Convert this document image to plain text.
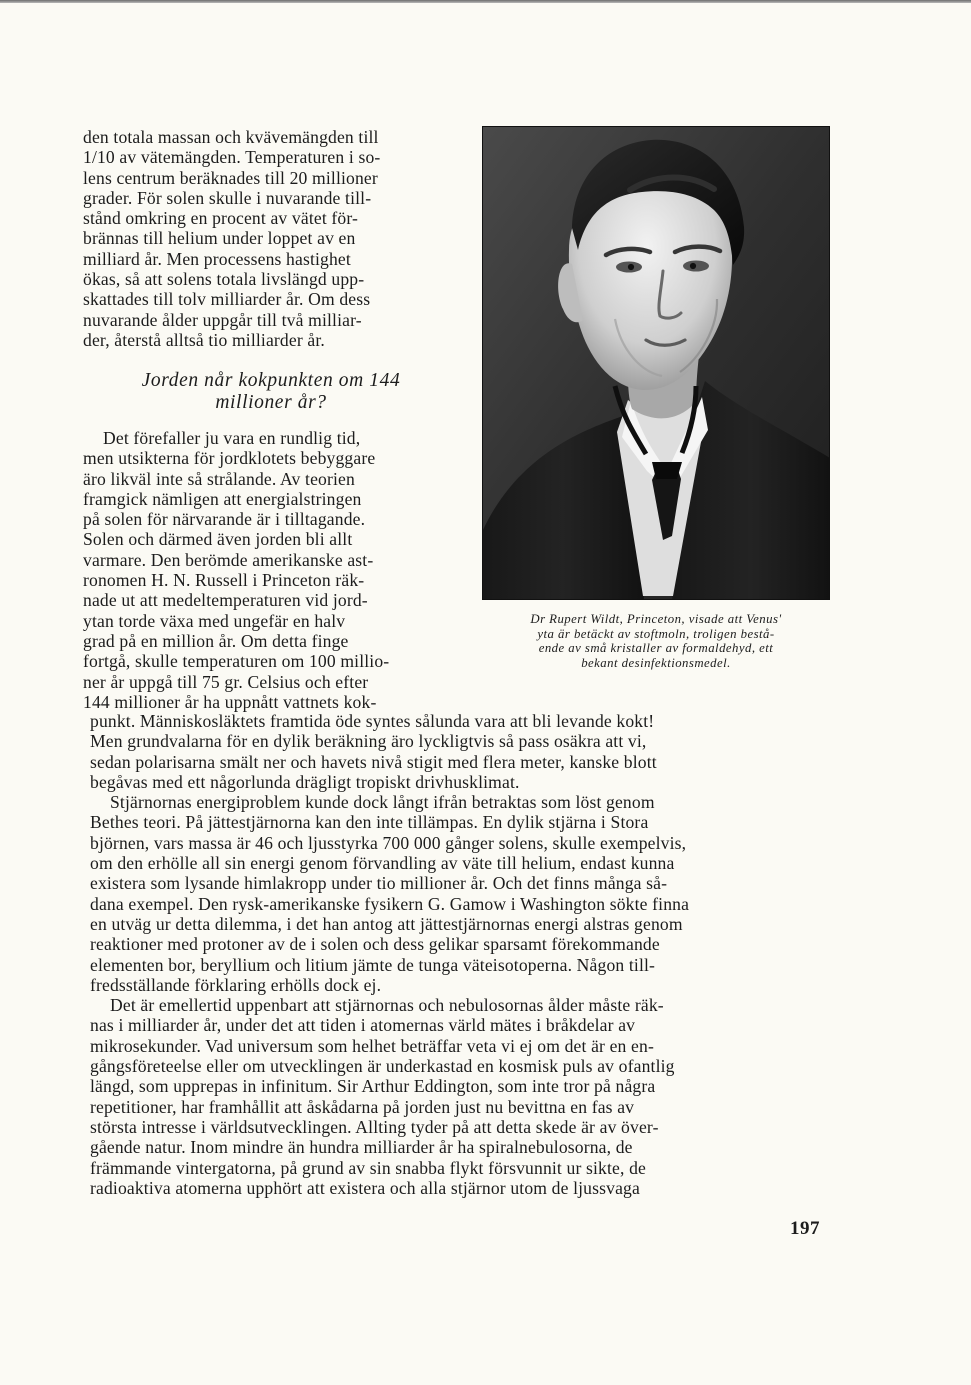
den totala massan och kvävemängden till

1/10 av vätemängden. Temperaturen i so-

lens centrum beräknades till 20 millioner

grader. För solen skulle i nuvarande till-

stånd omkring en procent av vätet för-

brännas till helium under loppet av en

milliard år. Men processens hastighet

ökas, så att solens totala livslängd upp-

skattades till tolv milliarder år. Om dess

nuvarande ålder uppgår till två milliar-

der, återstå alltså tio milliarder år.

Jorden når kokpunkten om 144

millioner år?

Det förefaller ju vara en rundlig tid,

men utsikterna för jordklotets bebyggare

äro likväl inte så strålande. Av teorien

framgick nämligen att energialstringen

på solen för närvarande är i tilltagande.

Solen och därmed även jorden bli allt

varmare. Den berömde amerikanske ast-

ronomen H. N. Russell i Princeton räk-

nade ut att medeltemperaturen vid jord-

ytan torde växa med ungefär en halv

grad på en million år. Om detta finge

fortgå, skulle temperaturen om 100 millio-

ner år uppgå till 75 gr. Celsius och efter

144 millioner år ha uppnått vattnets kok-

Dr Rupert Wildt, Princeton, visade att Venus'
yta är betäckt av stoftmoln, troligen bestå-
ende av små kristaller av formaldehyd, ett
bekant desinfektionsmedel.

punkt. Människosläktets framtida öde syntes sålunda vara att bli levande kokt!

Men grundvalarna för en dylik beräkning äro lyckligtvis så pass osäkra att vi,

sedan polarisarna smält ner och havets nivå stigit med flera meter, kanske blott

begåvas med ett någorlunda drägligt tropiskt drivhusklimat.

Stjärnornas energiproblem kunde dock långt ifrån betraktas som löst genom

Bethes teori. På jättestjärnorna kan den inte tillämpas. En dylik stjärna i Stora

björnen, vars massa är 46 och ljusstyrka 700 000 gånger solens, skulle exempelvis,

om den erhölle all sin energi genom förvandling av väte till helium, endast kunna

existera som lysande himlakropp under tio millioner år. Och det finns många så-

dana exempel. Den rysk-amerikanske fysikern G. Gamow i Washington sökte finna

en utväg ur detta dilemma, i det han antog att jättestjärnornas energi alstras genom

reaktioner med protoner av de i solen och dess gelikar sparsamt förekommande

elementen bor, beryllium och litium jämte de tunga väteisotoperna. Någon till-

fredsställande förklaring erhölls dock ej.

Det är emellertid uppenbart att stjärnornas och nebulosornas ålder måste räk-

nas i milliarder år, under det att tiden i atomernas värld mätes i bråkdelar av

mikrosekunder. Vad universum som helhet beträffar veta vi ej om det är en en-

gångsföreteelse eller om utvecklingen är underkastad en kosmisk puls av ofantlig

längd, som upprepas in infinitum. Sir Arthur Eddington, som inte tror på några

repetitioner, har framhållit att åskådarna på jorden just nu bevittna en fas av

största intresse i världsutvecklingen. Allting tyder på att detta skede är av över-

gående natur. Inom mindre än hundra milliarder år ha spiralnebulosorna, de

främmande vintergatorna, på grund av sin snabba flykt försvunnit ur sikte, de

radioaktiva atomerna upphört att existera och alla stjärnor utom de ljussvaga

197
